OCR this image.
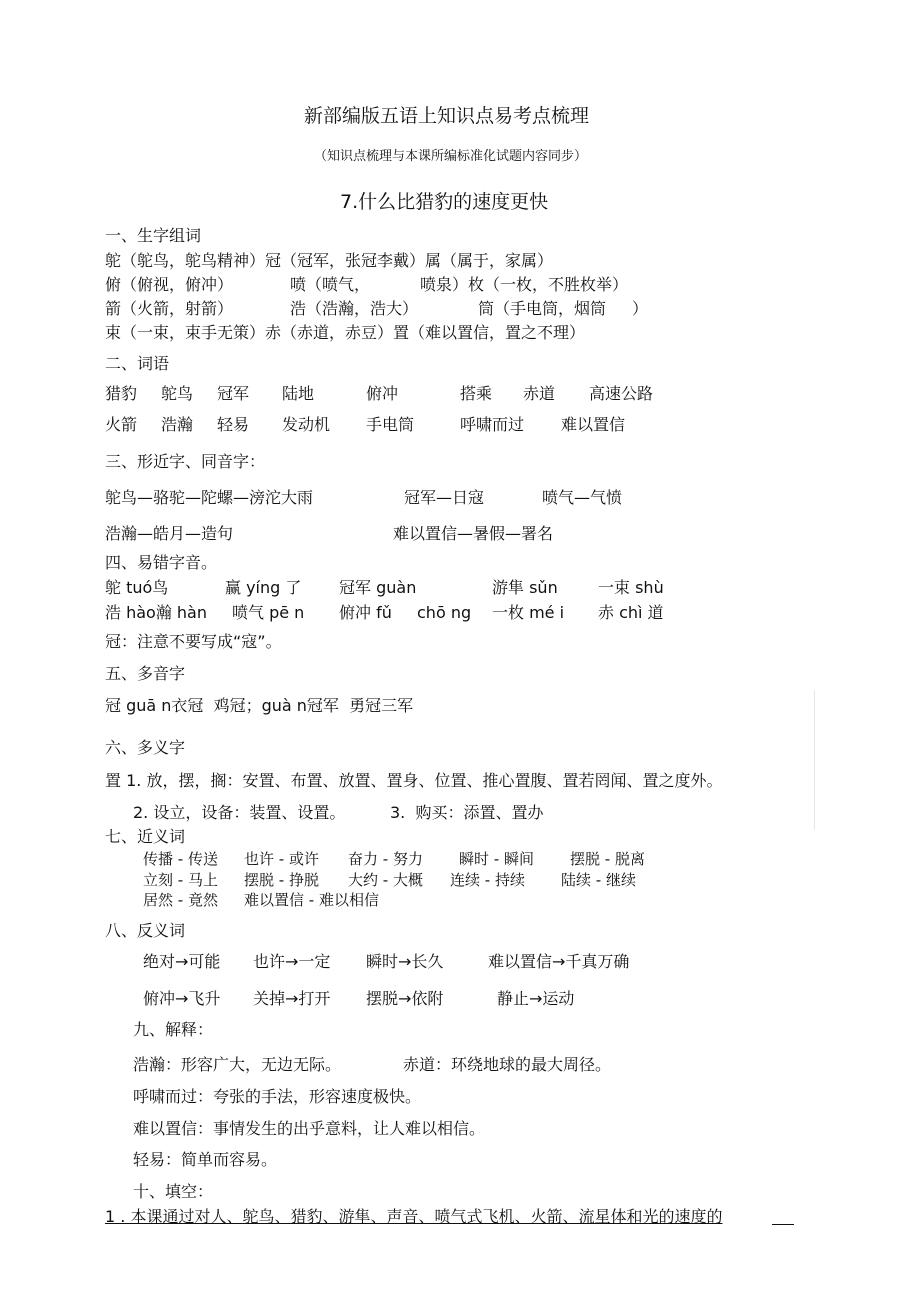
新部编版五语上知识点易考点梳理
（知识点梳理与本课所编标准化试题内容同步）
7.什么比猎豹的速度更快
一、生字组词
鸵（鸵鸟，鸵鸟精神）冠（冠军，张冠李戴）属（属于，家属）
俯（俯视，俯冲）	喷（喷气，	喷泉）枚（一枚，不胜枚举）
箭（火箭，射箭）	浩（浩瀚，浩大）	筒（手电筒，烟筒 ）
束（一束，束手无策）赤（赤道，赤豆）置（难以置信，置之不理）
二、词语
猎豹 鸵鸟 冠军 陆地	俯冲	搭乘 赤道 高速公路
火箭 浩瀚 轻易 发动机 手电筒	呼啸而过 难以置信
三、形近字、同音字：
鸵鸟—骆驼—陀螺—滂沱大雨	冠军—日寇	喷气—气愤
浩瀚—皓月—造句	难以置信—暑假—署名
四、易错字音。
鸵 tuó鸟	赢 yíng 了 冠军 guàn	游隼 sǔn	一束 shù
浩 hào瀚 hàn 喷气 pē n 俯冲 fǔ chō ng 一枚 mé i 赤 chì 道
冠：注意不要写成“寇”。
五、多音字
冠 guā n衣冠  鸡冠；guà n冠军  勇冠三军
六、多义字
置 1. 放，摆，搁：安置、布置、放置、置身、位置、推心置腹、置若罔闻、置之度外。
2. 设立，设备：装置、设置。	3.  购买：添置、置办
七、近义词
传播 - 传送 也许 - 或许 奋力 - 努力 瞬时 - 瞬间 摆脱 - 脱离
立刻 - 马上 摆脱 - 挣脱 大约 - 大概 连续 - 持续 陆续 - 继续
居然 - 竟然 难以置信 - 难以相信
八、反义词
绝对→可能 也许→一定 瞬时→长久	难以置信→千真万确
俯冲→飞升 关掉→打开 摆脱→依附	静止→运动
九、解释：
浩瀚：形容广大，无边无际。	赤道：环绕地球的最大周径。
呼啸而过：夸张的手法，形容速度极快。
难以置信：事情发生的出乎意料，让人难以相信。
轻易：简单而容易。
十、填空：
1 . 本课通过对人、鸵鸟、猎豹、游隼、声音、喷气式飞机、火箭、流星体和光的速度的
